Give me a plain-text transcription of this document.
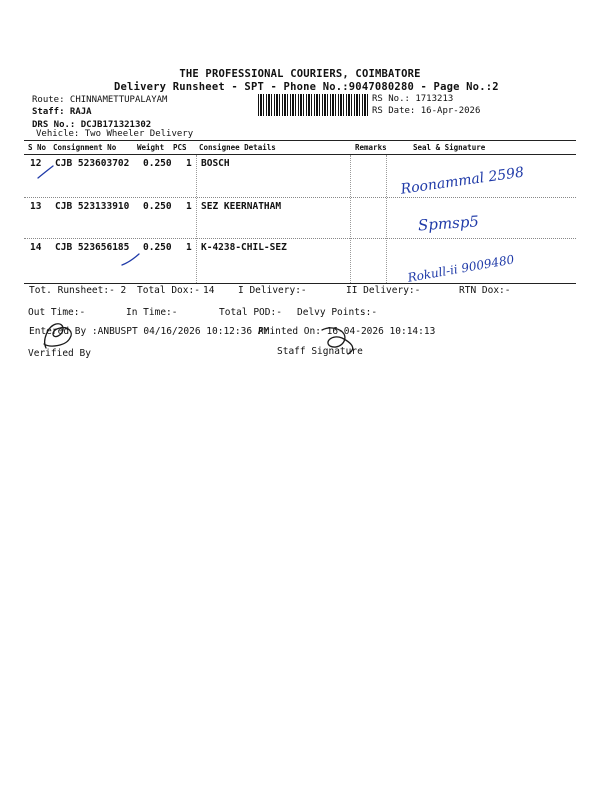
THE PROFESSIONAL COURIERS, COIMBATORE
Delivery Runsheet - SPT - Phone No.:9047080280 - Page No.:2
Route: CHINNAMETTUPALAYAM
Staff: RAJA
DRS No.: DCJB171321302
Vehicle: Two Wheeler Delivery
RS No.: 1713213
RS Date: 16-Apr-2026
S No Consignment No	Weight PCS Consignee Details	Remarks	Seal & Signature
12 CJB 523603702 0.250 1 BOSCH
13 CJB 523133910 0.250 1 SEZ KEERNATHAM
14 CJB 523656185 0.250 1 K-4238-CHIL-SEZ
Roonammal 2598
Spmsp5
Rokull-ii 9009480
Tot. Runsheet:- 2 Total Dox:- 14 I Delivery:-	II Delivery:-	RTN Dox:-
Out Time:-	In Time:-	Total POD:- Delvy Points:-
Entered By :ANBUSPT 04/16/2026 10:12:36 AM
Printed On: 16-04-2026 10:14:13
Verified By	Staff Signature
